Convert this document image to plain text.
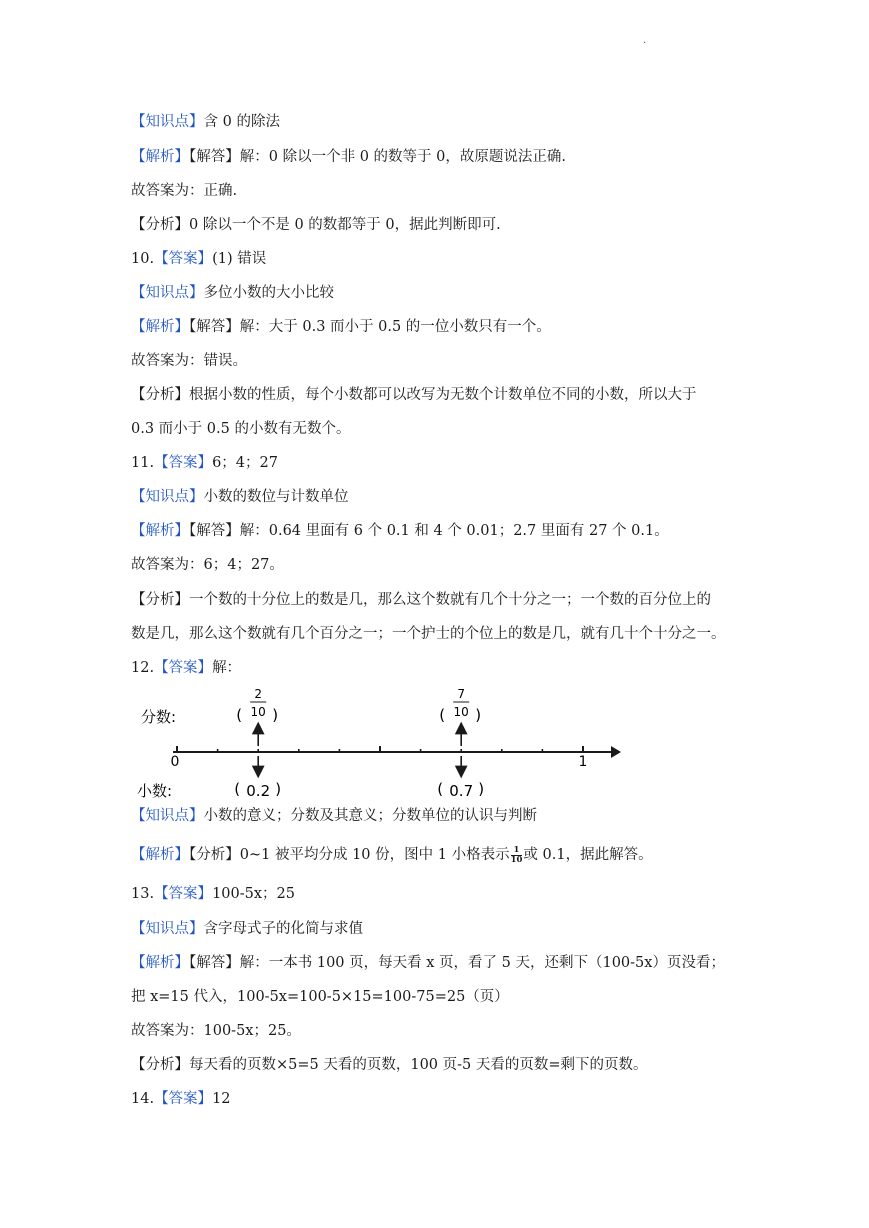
·
【知识点】含 0 的除法
【解析】【解答】解：0 除以一个非 0 的数等于 0，故原题说法正确.
故答案为：正确.
【分析】0 除以一个不是 0 的数都等于 0，据此判断即可.
10.【答案】(1) 错误
【知识点】多位小数的大小比较
【解析】【解答】解：大于 0.3 而小于 0.5 的一位小数只有一个。
故答案为：错误。
【分析】根据小数的性质，每个小数都可以改写为无数个计数单位不同的小数，所以大于
0.3 而小于 0.5 的小数有无数个。
11.【答案】6；4；27
【知识点】小数的数位与计数单位
【解析】【解答】解：0.64 里面有 6 个 0.1 和 4 个 0.01；2.7 里面有 27 个 0.1。
故答案为：6；4；27。
【分析】一个数的十分位上的数是几，那么这个数就有几个十分之一；一个数的百分位上的
数是几，那么这个数就有几个百分之一；一个护士的个位上的数是几，就有几十个十分之一。
12.【答案】解：
【知识点】小数的意义；分数及其意义；分数单位的认识与判断
13.【答案】100-5x；25
【知识点】含字母式子的化简与求值
【解析】【解答】解：一本书 100 页，每天看 x 页，看了 5 天，还剩下（100-5x）页没看；
把 x=15 代入，100-5x=100-5×15=100-75=25（页）
故答案为：100-5x；25。
【分析】每天看的页数×5=5 天看的页数，100 页-5 天看的页数=剩下的页数。
14.【答案】12
【解析】【分析】0~1 被平均分成 10 份，图中 1 小格表示 $\frac{1}{10}$ 或 0.1，据此解答。
分数:
小数:
0	1
( )
2
10
( )
0.2
( )
7
10
( )
0.7
